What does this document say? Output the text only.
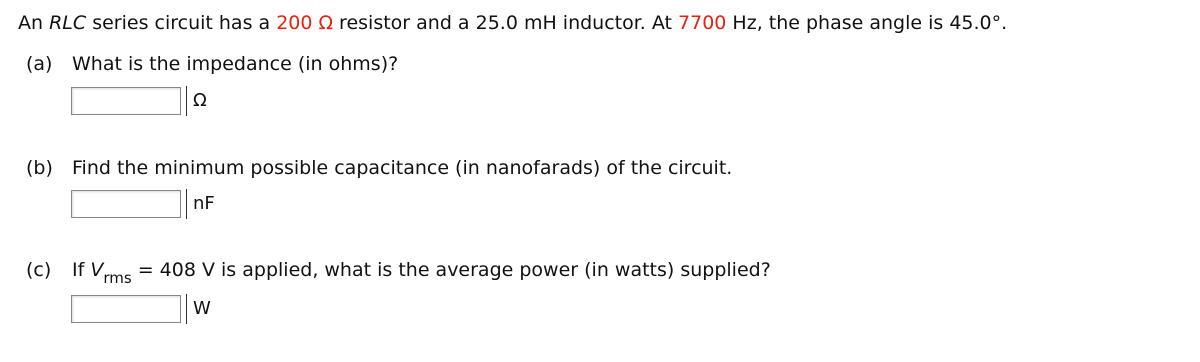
An RLC series circuit has a 200 Ω resistor and a 25.0 mH inductor. At 7700 Hz, the phase angle is 45.0°.
(a) What is the impedance (in ohms)?
Ω
(b) Find the minimum possible capacitance (in nanofarads) of the circuit.
nF
(c) If $V_{rms} = 408$ V is applied, what is the average power (in watts) supplied?
W
